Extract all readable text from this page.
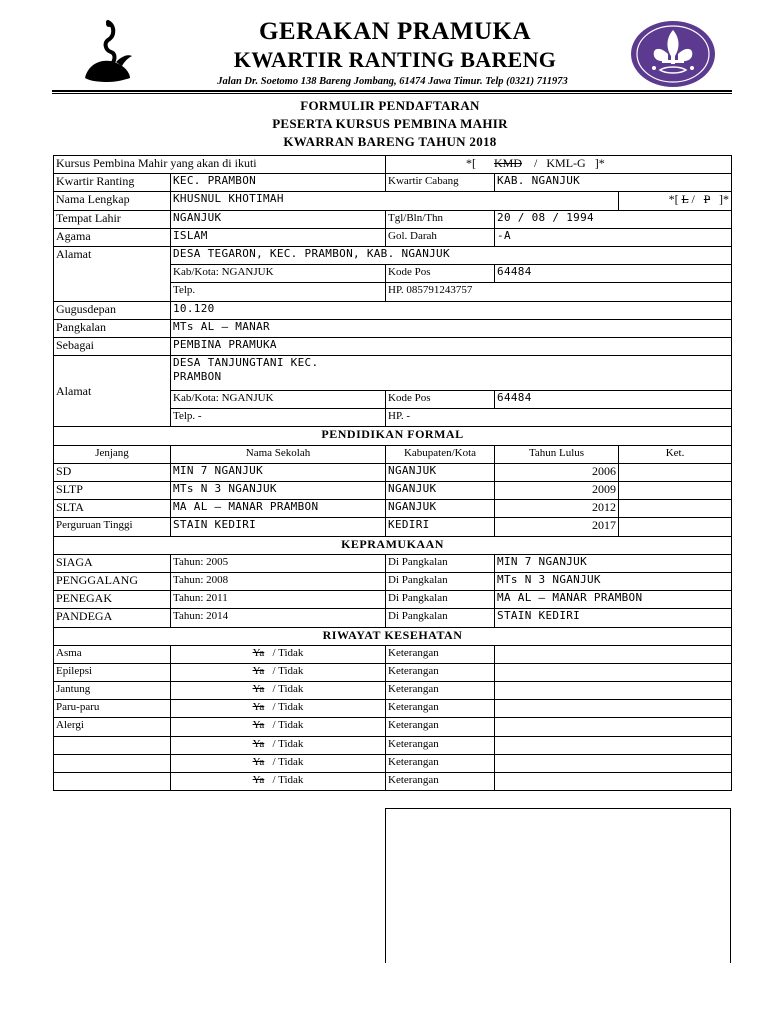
GERAKAN PRAMUKA
KWARTIR RANTING BARENG
Jalan Dr. Soetomo 138 Bareng Jombang, 61474 Jawa Timur. Telp (0321) 711973
FORMULIR PENDAFTARAN
PESERTA KURSUS PEMBINA MAHIR
KWARRAN BARENG TAHUN 2018
Kursus Pembina Mahir yang akan di ikuti		*[ KMD / KML-G ]*		
Kwartir Ranting	KEC. PRAMBON	Kwartir Cabang	KAB. NGANJUK	
Nama Lengkap	KHUSNUL KHOTIMAH			*[ L / P ]*
Tempat Lahir	NGANJUK	Tgl/Bln/Thn	20 / 08 / 1994	
Agama	ISLAM	Gol. Darah	-A	
Alamat	DESA TEGARON, KEC. PRAMBON, KAB. NGANJUK			
	Kab/Kota: NGANJUK	Kode Pos	64484	
	Telp.	HP. 085791243757		
Gugusdepan	10.120			
Pangkalan	MTs AL – MANAR			
Sebagai	PEMBINA PRAMUKA			
Alamat	DESA TANJUNGTANI KEC. PRAMBON			

	Kab/Kota: NGANJUK	Kode Pos	64484	
	Telp. -	HP. -		
PENDIDIKAN FORMAL				
Jenjang	Nama Sekolah	Kabupaten/Kota	Tahun Lulus	Ket.
SD	MIN 7 NGANJUK	NGANJUK	2006	
SLTP	MTs N 3 NGANJUK	NGANJUK	2009	
SLTA	MA AL – MANAR PRAMBON	NGANJUK	2012	
Perguruan Tinggi	STAIN KEDIRI	KEDIRI	2017	
KEPRAMUKAAN				
SIAGA	Tahun: 2005	Di Pangkalan	MIN 7 NGANJUK	
PENGGALANG	Tahun: 2008	Di Pangkalan	MTs N 3 NGANJUK	
PENEGAK	Tahun: 2011	Di Pangkalan	MA AL – MANAR PRAMBON	
PANDEGA	Tahun: 2014	Di Pangkalan	STAIN KEDIRI	
RIWAYAT KESEHATAN				
Asma	Ya / Tidak	Keterangan		
Epilepsi	Ya / Tidak	Keterangan		
Jantung	Ya / Tidak	Keterangan		
Paru-paru	Ya / Tidak	Keterangan		
Alergi	Ya / Tidak	Keterangan		
	Ya / Tidak	Keterangan		
	Ya / Tidak	Keterangan		
	Ya / Tidak	Keterangan		
